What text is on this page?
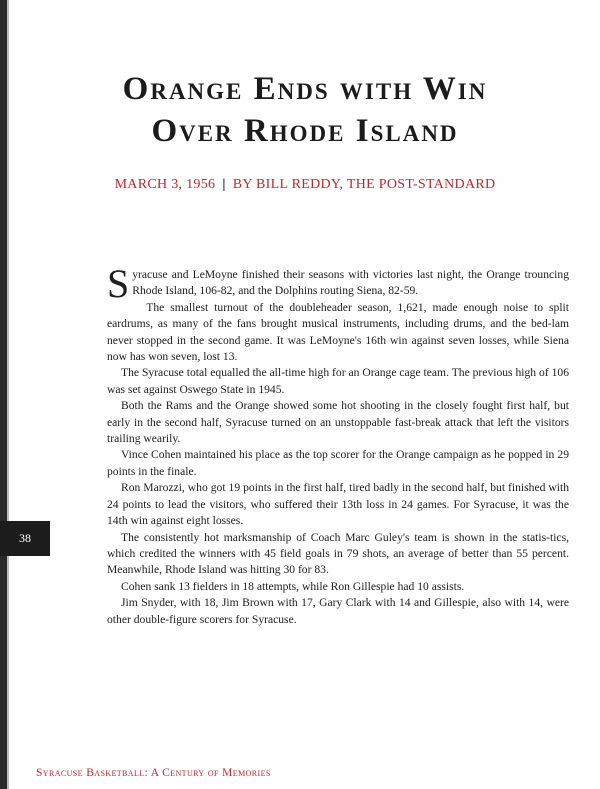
Orange Ends with Win
Over Rhode Island
MARCH 3, 1956 | BY BILL REDDY, THE POST-STANDARD

Syracuse and LeMoyne finished their seasons with victories last night, the Orange trouncing Rhode Island, 106-82, and the Dolphins routing Siena, 82-59.

The smallest turnout of the doubleheader season, 1,621, made enough noise to split eardrums, as many of the fans brought musical instruments, including drums, and the bed-lam never stopped in the second game. It was LeMoyne's 16th win against seven losses, while Siena now has won seven, lost 13.

The Syracuse total equalled the all-time high for an Orange cage team. The previous high of 106 was set against Oswego State in 1945.

Both the Rams and the Orange showed some hot shooting in the closely fought first half, but early in the second half, Syracuse turned on an unstoppable fast-break attack that left the visitors trailing wearily.

Vince Cohen maintained his place as the top scorer for the Orange campaign as he popped in 29 points in the finale.

Ron Marozzi, who got 19 points in the first half, tired badly in the second half, but finished with 24 points to lead the visitors, who suffered their 13th loss in 24 games. For Syracuse, it was the 14th win against eight losses.

The consistently hot marksmanship of Coach Marc Guley's team is shown in the statis-tics, which credited the winners with 45 field goals in 79 shots, an average of better than 55 percent. Meanwhile, Rhode Island was hitting 30 for 83.

Cohen sank 13 fielders in 18 attempts, while Ron Gillespie had 10 assists.

Jim Snyder, with 18, Jim Brown with 17, Gary Clark with 14 and Gillespie, also with 14, were other double-figure scorers for Syracuse.

38
Syracuse Basketball: A Century of Memories
